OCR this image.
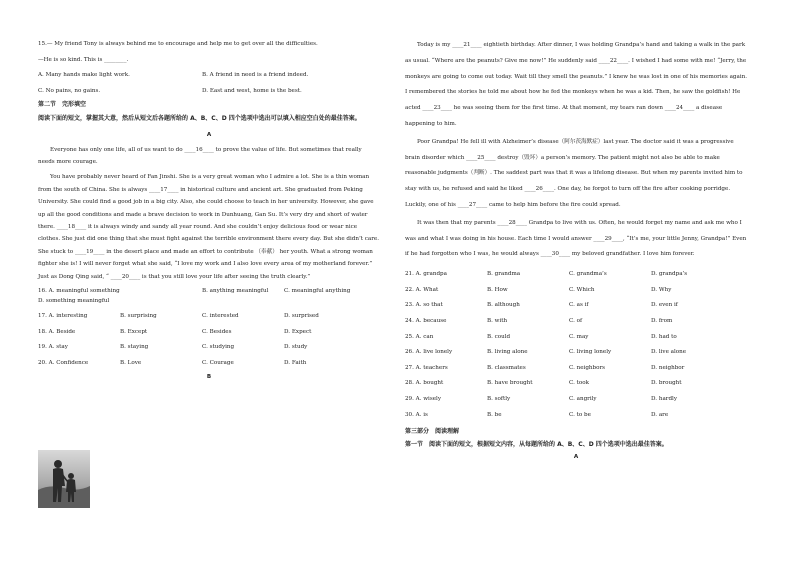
15.— My friend Tony is always behind me to encourage and help me to get over all the difficulties.

—He is so kind. This is ________.

A. Many hands make light work.	B. A friend in need is a friend indeed.
C. No pains, no gains.	D. East and west, home is the best.

第二节　完形填空

阅读下面的短文，掌握其大意，然后从短文后各题所给的 A、B、C、D 四个选项中选出可以填入相应空白处的最佳答案。

A

Everyone has only one life, all of us want to do ____16____ to prove the value of life. But sometimes that really needs more courage.

You have probably never heard of Fan Jinshi. She is a very great woman who I admire a lot. She is a thin woman from the south of China. She is always ____17____ in historical culture and ancient art. She graduated from Peking University. She could find a good job in a big city. Also, she could choose to teach in her university. However, she gave up all the good conditions and made a brave decision to work in Dunhuang, Gan Su. It’s very dry and short of water there. ____18____ it is always windy and sandy all year round. And she couldn’t enjoy delicious food or wear nice clothes. She just did one thing that she must fight against the terrible environment there every day. But she didn’t care. She stuck to ____19____ in the desert place and made an effort to contribute （奉献） her youth. What a strong woman fighter she is! I will never forget what she said, “I love my work and I also love every area of my motherland forever.” Just as Dong Qing said, “ ____20____ is that you still love your life after seeing the truth clearly.”

16. A. meaningful something	B. anything meaningful	C. meaningful anything
D. something meaningful
17. A. interesting	B. surprising	C. interested	D. surprised
18. A. Beside	B. Except	C. Besides	D. Expect
19. A. stay	B. staying	C. studying	D. study
20. A. Confidence	B. Love	C. Courage	D. Faith

B

Today is my ____21____ eightieth birthday. After dinner, I was holding Grandpa’s hand and taking a walk in the park as usual. “Where are the peanuts? Give me now!” He suddenly said ____22____. I wished I had some with me! “Jerry, the monkeys are going to come out today. Wait till they smell the peanuts.” I knew he was lost in one of his memories again. I remembered the stories he told me about how he fed the monkeys when he was a kid. Then, he saw the goldfish! He acted ____23____ he was seeing them for the first time. At that moment, my tears ran down ____24____ a disease happening to him.

Poor Grandpa! He fell ill with Alzheimer’s disease（阿尔茨海默症）last year. The doctor said it was a progressive brain disorder which ____25____ destroy（毁坏）a person’s memory. The patient might not also be able to make reasonable judgments（判断）. The saddest part was that it was a lifelong disease. But when my parents invited him to stay with us, he refused and said he liked ____26____. One day, he forgot to turn off the fire after cooking porridge. Luckily, one of his ____27____ came to help him before the fire could spread.

It was then that my parents ____28____ Grandpa to live with us. Often, he would forget my name and ask me who I was and what I was doing in his house. Each time I would answer ____29____, “It’s me, your little Jenny, Grandpa!” Even if he had forgotten who I was, he would always ____30____ my beloved grandfather. I love him forever.

21. A. grandpa	B. grandma	C. grandma’s	D. grandpa’s
22. A. What	B. How	C. Which	D. Why
23. A. so that	B. although	C. as if	D. even if
24. A. because	B. with	C. of	D. from
25. A. can	B. could	C. may	D. had to
26. A. live lonely	B. living alone	C. living lonely	D. live alone
27. A. teachers	B. classmates	C. neighbors	D. neighbor
28. A. bought	B. have brought	C. took	D. brought
29. A. wisely	B. softly	C. angrily	D. hardly
30. A. is	B. be	C. to be	D. are

第三部分　阅读理解

第一节　阅读下面的短文，根据短文内容，从每题所给的 A、B、C、D 四个选项中选出最佳答案。

A
